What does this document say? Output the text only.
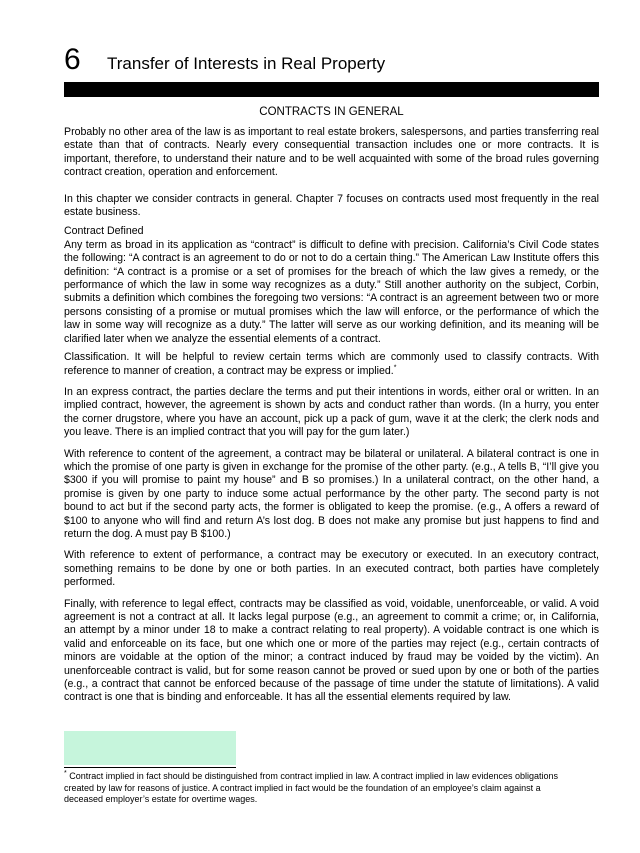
6	Transfer of Interests in Real Property
CONTRACTS IN GENERAL

Probably no other area of the law is as important to real estate brokers, salespersons, and parties transferring real estate than that of contracts. Nearly every consequential transaction includes one or more contracts. It is important, therefore, to understand their nature and to be well acquainted with some of the broad rules governing contract creation, operation and enforcement.

In this chapter we consider contracts in general. Chapter 7 focuses on contracts used most frequently in the real estate business.

Contract Defined

Any term as broad in its application as “contract” is difficult to define with precision. California’s Civil Code states the following: “A contract is an agreement to do or not to do a certain thing.” The American Law Institute offers this definition: “A contract is a promise or a set of promises for the breach of which the law gives a remedy, or the performance of which the law in some way recognizes as a duty.” Still another authority on the subject, Corbin, submits a definition which combines the foregoing two versions: “A contract is an agreement between two or more persons consisting of a promise or mutual promises which the law will enforce, or the performance of which the law in some way will recognize as a duty.” The latter will serve as our working definition, and its meaning will be clarified later when we analyze the essential elements of a contract.

Classification. It will be helpful to review certain terms which are commonly used to classify contracts. With reference to manner of creation, a contract may be express or implied.*

In an express contract, the parties declare the terms and put their intentions in words, either oral or written. In an implied contract, however, the agreement is shown by acts and conduct rather than words. (In a hurry, you enter the corner drugstore, where you have an account, pick up a pack of gum, wave it at the clerk; the clerk nods and you leave. There is an implied contract that you will pay for the gum later.)

With reference to content of the agreement, a contract may be bilateral or unilateral. A bilateral contract is one in which the promise of one party is given in exchange for the promise of the other party. (e.g., A tells B, “I’ll give you $300 if you will promise to paint my house” and B so promises.) In a unilateral contract, on the other hand, a promise is given by one party to induce some actual performance by the other party. The second party is not bound to act but if the second party acts, the former is obligated to keep the promise. (e.g., A offers a reward of $100 to anyone who will find and return A’s lost dog. B does not make any promise but just happens to find and return the dog. A must pay B $100.)

With reference to extent of performance, a contract may be executory or executed. In an executory contract, something remains to be done by one or both parties. In an executed contract, both parties have completely performed.

Finally, with reference to legal effect, contracts may be classified as void, voidable, unenforceable, or valid. A void agreement is not a contract at all. It lacks legal purpose (e.g., an agreement to commit a crime; or, in California, an attempt by a minor under 18 to make a contract relating to real property). A voidable contract is one which is valid and enforceable on its face, but one which one or more of the parties may reject (e.g., certain contracts of minors are voidable at the option of the minor; a contract induced by fraud may be voided by the victim). An unenforceable contract is valid, but for some reason cannot be proved or sued upon by one or both of the parties (e.g., a contract that cannot be enforced because of the passage of time under the statute of limitations). A valid contract is one that is binding and enforceable. It has all the essential elements required by law.

* Contract implied in fact should be distinguished from contract implied in law. A contract implied in law evidences obligations created by law for reasons of justice. A contract implied in fact would be the foundation of an employee’s claim against a deceased employer’s estate for overtime wages.
